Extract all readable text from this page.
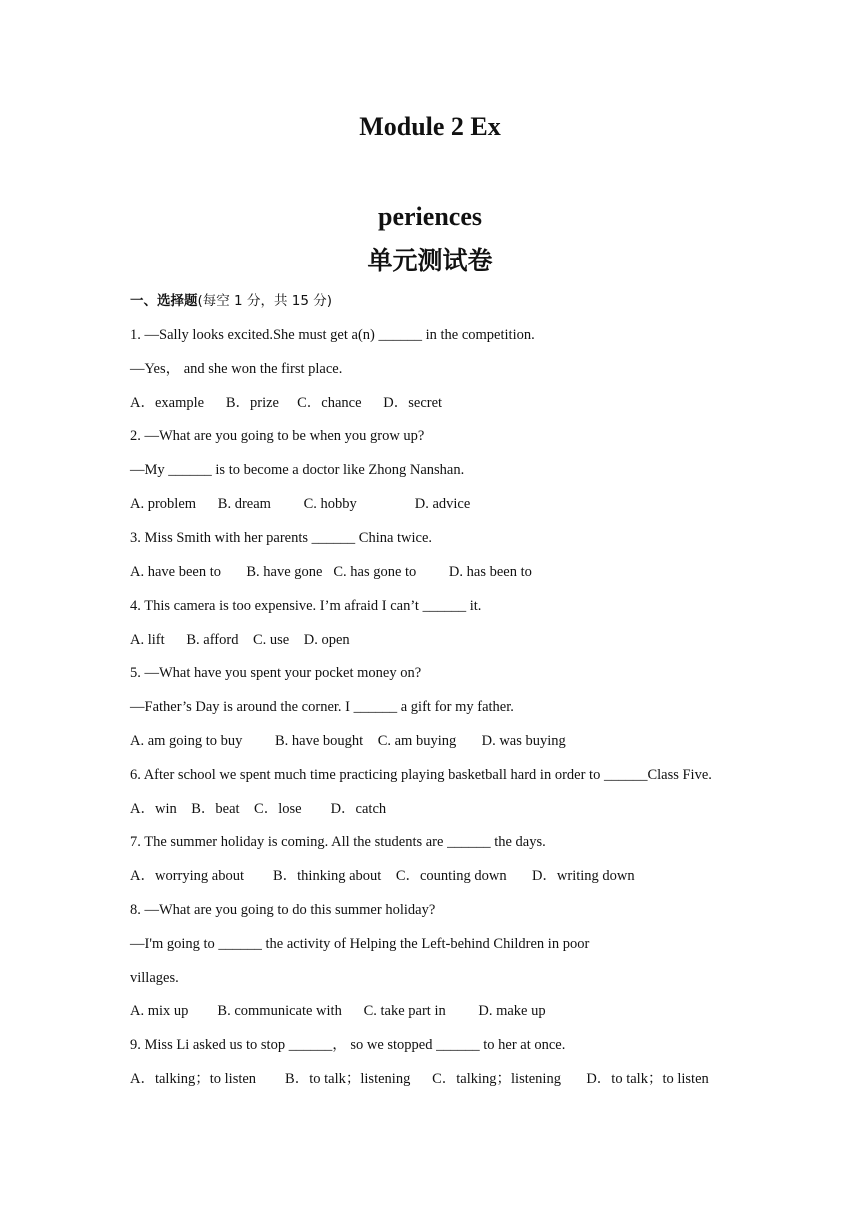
Module 2 Ex
periences
单元测试卷
一、选择题(每空 1 分，共 15 分)
1. —Sally looks excited.She must get a(n) ______ in the competition.
—Yes， and she won the first place.
A．example      B．prize     C．chance      D．secret
2. —What are you going to be when you grow up?
—My ______ is to become a doctor like Zhong Nanshan.
A. problem      B. dream         C. hobby                D. advice
3. Miss Smith with her parents ______ China twice.
A. have been to       B. have gone   C. has gone to         D. has been to
4. This camera is too expensive. I’m afraid I can’t ______ it.
A. lift      B. afford    C. use    D. open
5. —What have you spent your pocket money on?
—Father’s Day is around the corner. I ______ a gift for my father.
A. am going to buy         B. have bought    C. am buying       D. was buying
6. After school we spent much time practicing playing basketball hard in order to ______Class Five.
A．win    B．beat    C．lose        D．catch
7. The summer holiday is coming. All the students are ______ the days.
A．worrying about        B．thinking about    C．counting down       D．writing down
8. —What are you going to do this summer holiday?
—I'm going to ______ the activity of Helping the Left-behind Children in poor
villages.
A. mix up        B. communicate with      C. take part in         D. make up
9. Miss Li asked us to stop ______， so we stopped ______ to her at once.
A．talking；to listen        B．to talk；listening      C．talking；listening       D．to talk；to listen
